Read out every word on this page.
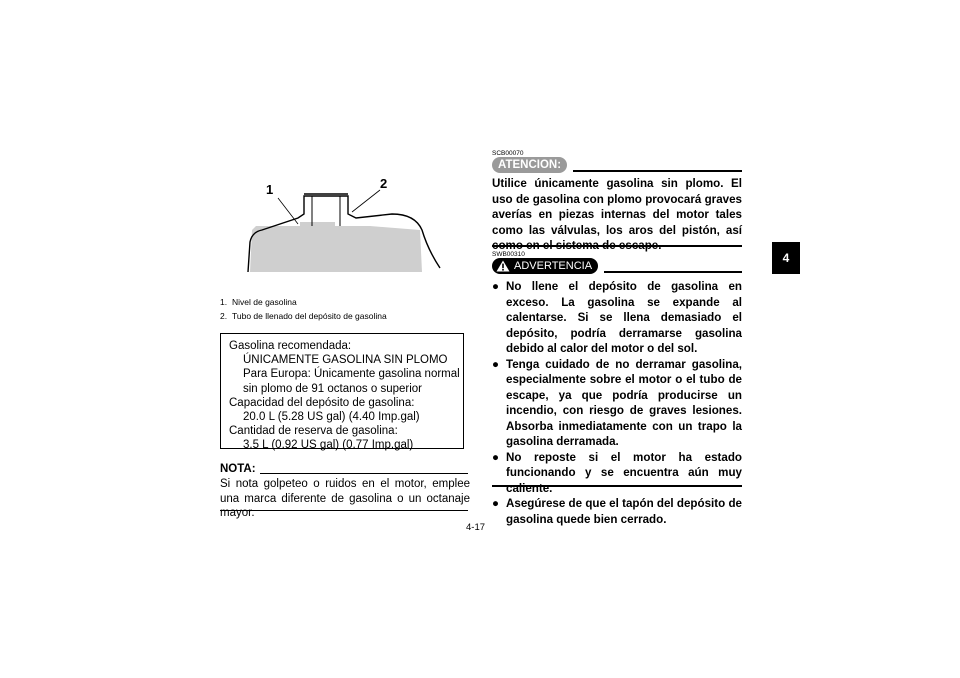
1	2
1. Nivel de gasolina
2. Tubo de llenado del depósito de gasolina
Gasolina recomendada:
ÚNICAMENTE GASOLINA SIN PLOMO
Para Europa: Únicamente gasolina normal
sin plomo de 91 octanos o superior
Capacidad del depósito de gasolina:
20.0 L (5.28 US gal) (4.40 Imp.gal)
Cantidad de reserva de gasolina:
3.5 L (0.92 US gal) (0.77 Imp.gal)
NOTA:
Si nota golpeteo o ruidos en el motor, emplee una marca diferente de gasolina o un octanaje mayor.
4-17
SCB00070
ATENCION:
Utilice únicamente gasolina sin plomo. El uso de gasolina con plomo provocará graves averías en piezas internas del motor tales como las válvulas, los aros del pistón, así como en el sistema de escape.
SWB00310
ADVERTENCIA
● No llene el depósito de gasolina en exceso. La gasolina se expande al calentarse. Si se llena demasiado el depósito, podría derramarse gasolina debido al calor del motor o del sol.
● Tenga cuidado de no derramar gasolina, especialmente sobre el motor o el tubo de escape, ya que podría producirse un incendio, con riesgo de graves lesiones. Absorba inmediatamente con un trapo la gasolina derramada.
● No reposte si el motor ha estado funcionando y se encuentra aún muy caliente.
● Asegúrese de que el tapón del depósito de gasolina quede bien cerrado.
4
